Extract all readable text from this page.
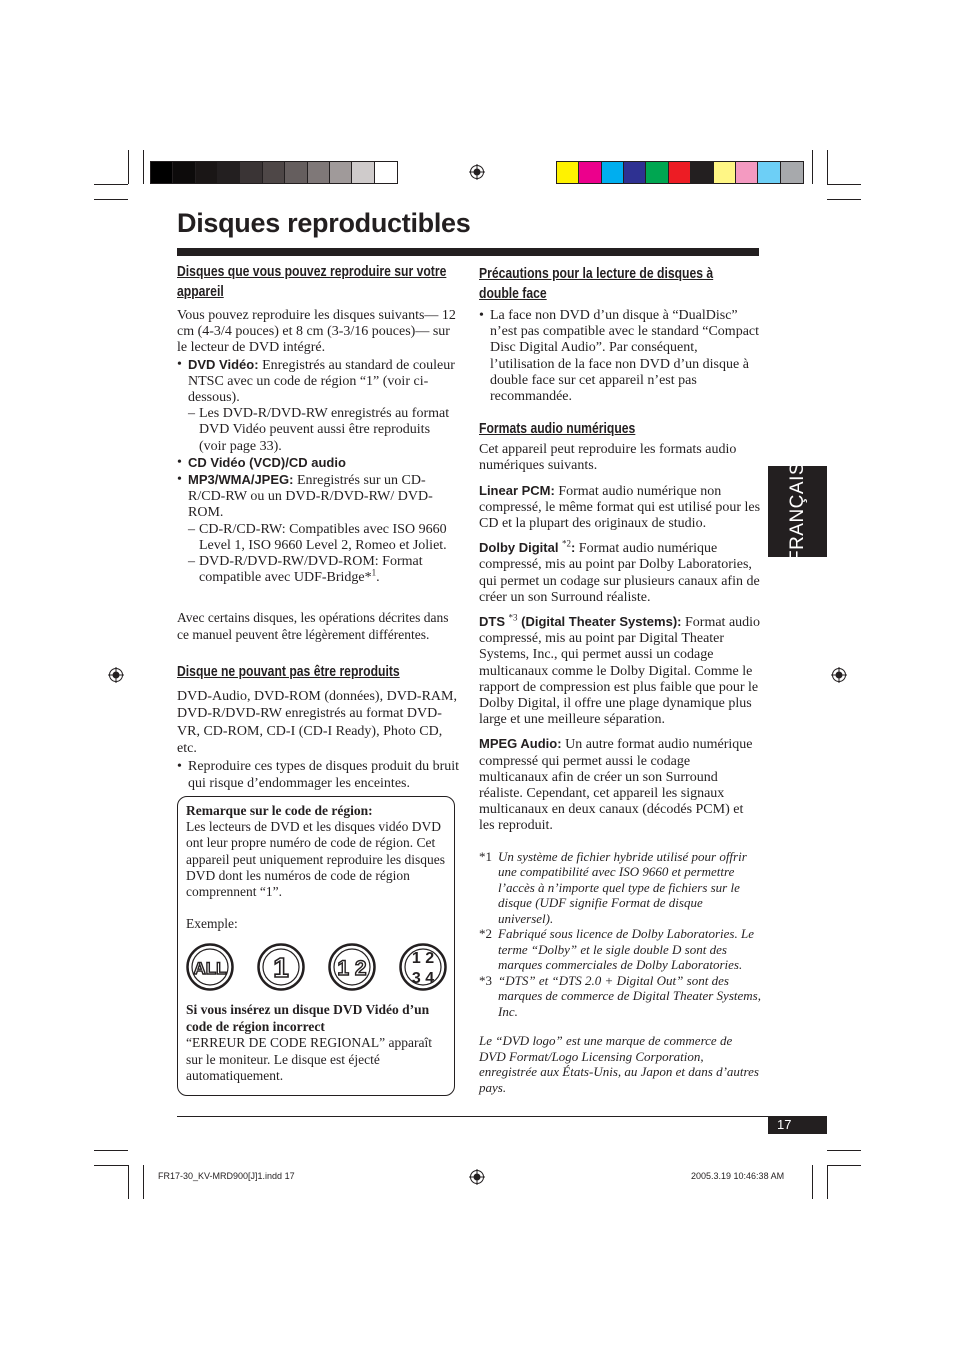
Disques reproductibles
Disques que vous pouvez reproduire sur votre appareil

Vous pouvez reproduire les disques suivants— 12 cm (4-3/4 pouces) et 8 cm (3-3/16 pouces)— sur le lecteur de DVD intégré.

• DVD Vidéo: Enregistrés au standard de couleur NTSC avec un code de région “1” (voir ci-dessous).
– Les DVD-R/DVD-RW enregistrés au format DVD Vidéo peuvent aussi être reproduits (voir page 33).
• CD Vidéo (VCD)/CD audio
• MP3/WMA/JPEG: Enregistrés sur un CD-R/CD-RW ou un DVD-R/DVD-RW/ DVD-ROM.
– CD-R/CD-RW: Compatibles avec ISO 9660 Level 1, ISO 9660 Level 2, Romeo et Joliet.
– DVD-R/DVD-RW/DVD-ROM: Format compatible avec UDF-Bridge*$^1$.

Avec certains disques, les opérations décrites dans ce manuel peuvent être légèrement différentes.

Disque ne pouvant pas être reproduits

DVD-Audio, DVD-ROM (données), DVD-RAM, DVD-R/DVD-RW enregistrés au format DVD-VR, CD-ROM, CD-I (CD-I Ready), Photo CD, etc.

• Reproduire ces types de disques produit du bruit qui risque d’endommager les enceintes.
Remarque sur le code de région:

Les lecteurs de DVD et les disques vidéo DVD ont leur propre numéro de code de région. Cet appareil peut uniquement reproduire les disques DVD dont les numéros de code de région comprennent “1”.

Exemple:
ALL 1 1 2	1 2
3 4
Si vous insérez un disque DVD Vidéo d’un code de région incorrect

“ERREUR DE CODE REGIONAL” apparaît sur le moniteur. Le disque est éjecté automatiquement.

Précautions pour la lecture de disques à double face
• La face non DVD d’un disque à “DualDisc” n’est pas compatible avec le standard “Compact Disc Digital Audio”. Par conséquent, l’utilisation de la face non DVD d’un disque à double face sur cet appareil n’est pas recommandée.
Formats audio numériques

Cet appareil peut reproduire les formats audio numériques suivants.

Linear PCM: Format audio numérique non compressé, le même format qui est utilisé pour les CD et la plupart des originaux de studio.

Dolby Digital $^{*2}$: Format audio numérique compressé, mis au point par Dolby Laboratories, qui permet un codage sur plusieurs canaux afin de créer un son Surround réaliste.

DTS $^{*3}$ (Digital Theater Systems): Format audio compressé, mis au point par Digital Theater Systems, Inc., qui permet aussi un codage multicanaux comme le Dolby Digital. Comme le rapport de compression est plus faible que pour le Dolby Digital, il offre une plage dynamique plus large et une meilleure séparation.

MPEG Audio: Un autre format audio numérique compressé qui permet aussi le codage multicanaux afin de créer un son Surround réaliste. Cependant, cet appareil les signaux multicanaux en deux canaux (décodés PCM) et les reproduit.

*1 Un système de fichier hybride utilisé pour offrir une compatibilité avec ISO 9660 et permettre l’accès à n’importe quel type de fichiers sur le disque (UDF signifie Format de disque universel).
*2 Fabriqué sous licence de Dolby Laboratories. Le terme “Dolby” et le sigle double D sont des marques commerciales de Dolby Laboratories.
*3 “DTS” et “DTS 2.0 + Digital Out” sont des marques de commerce de Digital Theater Systems, Inc.

Le “DVD logo” est une marque de commerce de DVD Format/Logo Licensing Corporation, enregistrée aux États-Unis, au Japon et dans d’autres pays.

FRANÇAIS
17
FR17-30_KV-MRD900[J]1.indd 17	2005.3.19 10:46:38 AM
